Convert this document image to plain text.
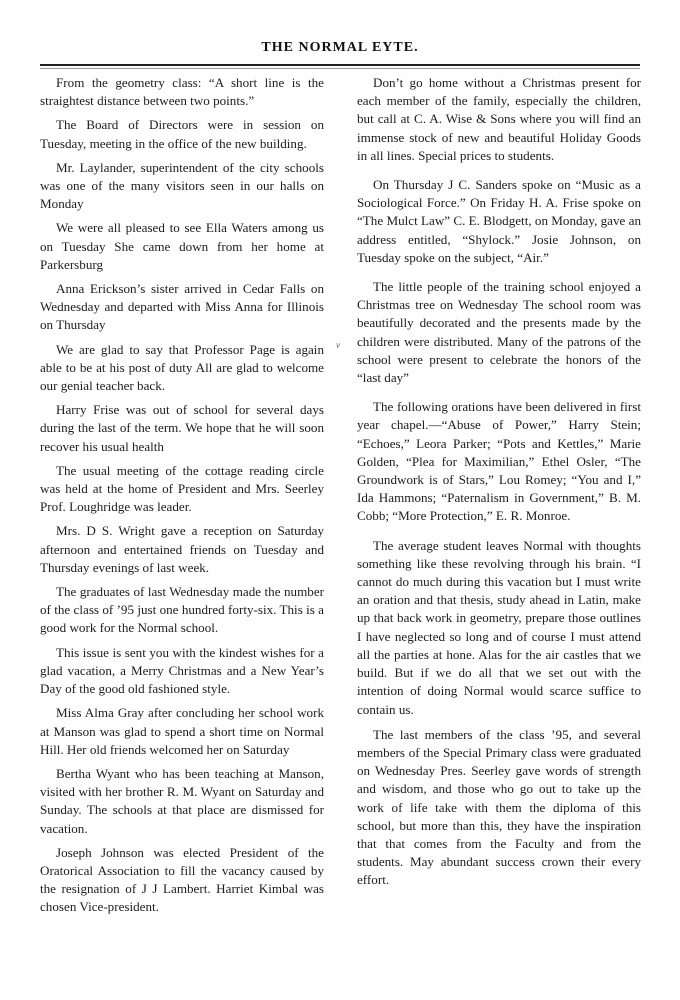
THE NORMAL EYTE.

From the geometry class: “A short line is the straightest distance between two points.”

The Board of Directors were in session on Tuesday, meeting in the office of the new building.

Mr. Laylander, superintendent of the city schools was one of the many visitors seen in our halls on Monday

We were all pleased to see Ella Waters among us on Tuesday She came down from her home at Parkersburg

Anna Erickson’s sister arrived in Cedar Falls on Wednesday and departed with Miss Anna for Illinois on Thursday

We are glad to say that Professor Page is again able to be at his post of duty All are glad to welcome our genial teacher back.

Harry Frise was out of school for several days during the last of the term. We hope that he will soon recover his usual health

The usual meeting of the cottage reading circle was held at the home of President and Mrs. Seerley Prof. Loughridge was leader.

Mrs. D S. Wright gave a reception on Saturday afternoon and entertained friends on Tuesday and Thursday evenings of last week.

The graduates of last Wednesday made the number of the class of ’95 just one hundred forty-six. This is a good work for the Normal school.

This issue is sent you with the kindest wishes for a glad vacation, a Merry Christmas and a New Year’s Day of the good old fashioned style.

Miss Alma Gray after concluding her school work at Manson was glad to spend a short time on Normal Hill. Her old friends welcomed her on Saturday

Bertha Wyant who has been teaching at Manson, visited with her brother R. M. Wyant on Saturday and Sunday. The schools at that place are dismissed for vacation.

Joseph Johnson was elected President of the Oratorical Association to fill the vacancy caused by the resignation of J J Lambert. Harriet Kimbal was chosen Vice-president.

v

Don’t go home without a Christmas present for each member of the family, especially the children, but call at C. A. Wise & Sons where you will find an immense stock of new and beautiful Holiday Goods in all lines. Special prices to students.

On Thursday J C. Sanders spoke on “Music as a Sociological Force.” On Friday H. A. Frise spoke on “The Mulct Law” C. E. Blodgett, on Monday, gave an address entitled, “Shylock.” Josie Johnson, on Tuesday spoke on the subject, “Air.”

The little people of the training school enjoyed a Christmas tree on Wednesday The school room was beautifully decorated and the presents made by the children were distributed. Many of the patrons of the school were present to celebrate the honors of the “last day”

The following orations have been delivered in first year chapel.—“Abuse of Power,” Harry Stein; “Echoes,” Leora Parker; “Pots and Kettles,” Marie Golden, “Plea for Maximilian,” Ethel Osler, “The Groundwork is of Stars,” Lou Romey; “You and I,” Ida Hammons; “Paternalism in Government,” B. M. Cobb; “More Protection,” E. R. Monroe.

The average student leaves Normal with thoughts something like these revolving through his brain. “I cannot do much during this vacation but I must write an oration and that thesis, study ahead in Latin, make up that back work in geometry, prepare those outlines I have neglected so long and of course I must attend all the parties at hone. Alas for the air castles that we build. But if we do all that we set out with the intention of doing Normal would scarce suffice to contain us.

The last members of the class ’95, and several members of the Special Primary class were graduated on Wednesday Pres. Seerley gave words of strength and wisdom, and those who go out to take up the work of life take with them the diploma of this school, but more than this, they have the inspiration that that comes from the Faculty and from the students. May abundant success crown their every effort.
